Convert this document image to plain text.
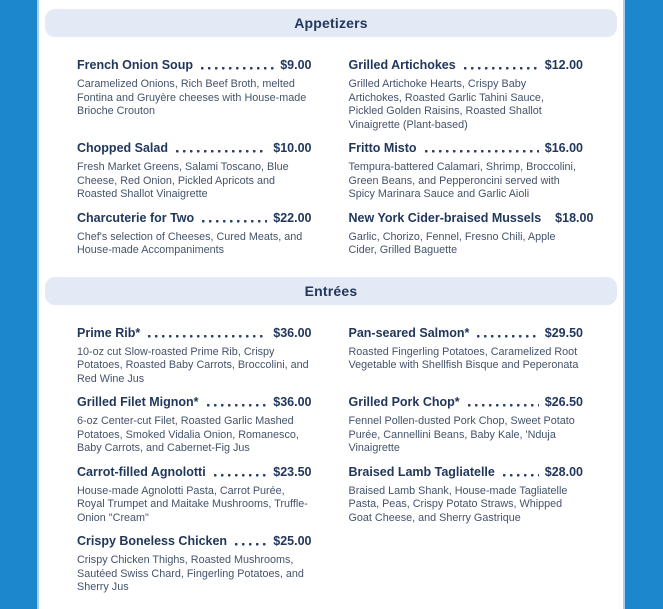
Appetizers
French Onion Soup	$9.00
Caramelized Onions, Rich Beef Broth, melted Fontina and Gruyère cheeses with House-made Brioche Crouton
Grilled Artichokes	$12.00
Grilled Artichoke Hearts, Crispy Baby Artichokes, Roasted Garlic Tahini Sauce, Pickled Golden Raisins, Roasted Shallot Vinaigrette (Plant-based)
Chopped Salad	$10.00
Fresh Market Greens, Salami Toscano, Blue Cheese, Red Onion, Pickled Apricots and Roasted Shallot Vinaigrette
Fritto Misto	$16.00
Tempura-battered Calamari, Shrimp, Broccolini, Green Beans, and Pepperoncini served with Spicy Marinara Sauce and Garlic Aioli
Charcuterie for Two	$22.00
Chef's selection of Cheeses, Cured Meats, and House-made Accompaniments
New York Cider-braised Mussels $18.00
Garlic, Chorizo, Fennel, Fresno Chili, Apple Cider, Grilled Baguette
Entrées
Prime Rib*	$36.00
10-oz cut Slow-roasted Prime Rib, Crispy Potatoes, Roasted Baby Carrots, Broccolini, and Red Wine Jus
Pan-seared Salmon*	$29.50
Roasted Fingerling Potatoes, Caramelized Root Vegetable with Shellfish Bisque and Peperonata
Grilled Filet Mignon*	$36.00
6-oz Center-cut Filet, Roasted Garlic Mashed Potatoes, Smoked Vidalia Onion, Romanesco, Baby Carrots, and Cabernet-Fig Jus
Grilled Pork Chop*	$26.50
Fennel Pollen-dusted Pork Chop, Sweet Potato Purée, Cannellini Beans, Baby Kale, 'Nduja Vinaigrette
Carrot-filled Agnolotti	$23.50
House-made Agnolotti Pasta, Carrot Purée, Royal Trumpet and Maitake Mushrooms, Truffle-Onion "Cream"
Braised Lamb Tagliatelle	$28.00
Braised Lamb Shank, House-made Tagliatelle Pasta, Peas, Crispy Potato Straws, Whipped Goat Cheese, and Sherry Gastrique
Crispy Boneless Chicken	$25.00
Crispy Chicken Thighs, Roasted Mushrooms, Sautéed Swiss Chard, Fingerling Potatoes, and Sherry Jus
